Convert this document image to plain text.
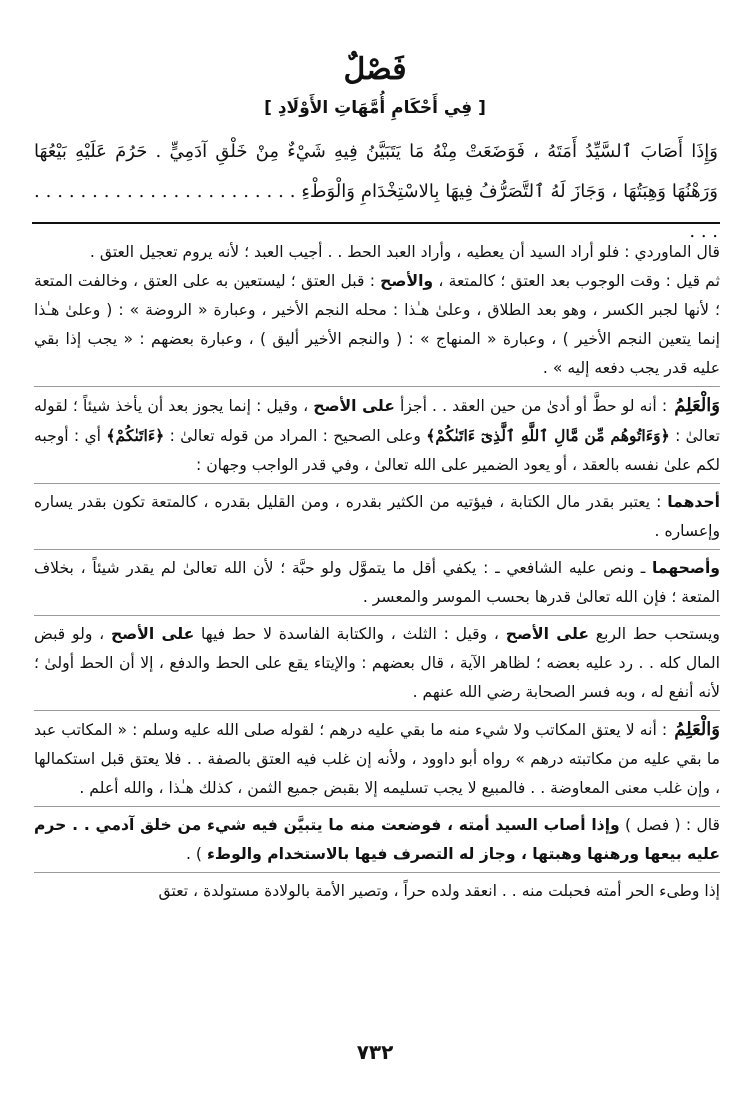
فَصْلٌ
[ فِي أَحْكَامِ أُمَّهَاتِ الأَوْلَادِ ]
وَإِذَا أَصَابَ ٱلسَّيِّدُ أَمَتَهُ ، فَوَضَعَتْ مِنْهُ مَا يَتَبَيَّنُ فِيهِ شَيْءٌ مِنْ خَلْقِ آدَمِيٍّ . حَرُمَ عَلَيْهِ بَيْعُهَا وَرَهْنُهَا وَهِبَتُهَا ، وَجَازَ لَهُ ٱلتَّصَرُّفُ فِيهَا بِالاسْتِخْدَامِ وَالْوَطْءِ . . . . . . . . . . . . . . . . . . . . . . . . . .

قال الماوردي : فلو أراد السيد أن يعطيه ، وأراد العبد الحط . . أجيب العبد ؛ لأنه يروم تعجيل العتق .

ثم قيل : وقت الوجوب بعد العتق ؛ كالمتعة ، والأصح : قبل العتق ؛ ليستعين به على العتق ، وخالفت المتعة ؛ لأنها لجبر الكسر ، وهو بعد الطلاق ، وعلىٰ هـٰذا : محله النجم الأخير ، وعبارة « الروضة » : ( وعلىٰ هـٰذا إنما يتعين النجم الأخير ) ، وعبارة « المنهاج » : ( والنجم الأخير أليق ) ، وعبارة بعضهم : « يجب إذا بقي عليه قدر يجب دفعه إليه » .

وَالْعَلِمُ : أنه لو حطَّ أو أدىٰ من حين العقد . . أجزأ على الأصح ، وقيل : إنما يجوز بعد أن يأخذ شيئاً ؛ لقوله تعالىٰ : ﴿وَءَاتُوهُم مِّن مَّالِ ٱللَّهِ ٱلَّذِىٓ ءَاتَىٰكُمْ﴾ وعلى الصحيح : المراد من قوله تعالىٰ : ﴿ءَاتَىٰكُمْ﴾ أي : أوجبه لكم علىٰ نفسه بالعقد ، أو يعود الضمير على الله تعالىٰ ، وفي قدر الواجب وجهان :

أحدهما : يعتبر بقدر مال الكتابة ، فيؤتيه من الكثير بقدره ، ومن القليل بقدره ، كالمتعة تكون بقدر يساره وإعساره .

وأصحهما ـ ونص عليه الشافعي ـ : يكفي أقل ما يتموَّل ولو حبَّة ؛ لأن الله تعالىٰ لم يقدر شيئاً ، بخلاف المتعة ؛ فإن الله تعالىٰ قدرها بحسب الموسر والمعسر .

ويستحب حط الربع على الأصح ، وقيل : الثلث ، والكتابة الفاسدة لا حط فيها على الأصح ، ولو قبض المال كله . . رد عليه بعضه ؛ لظاهر الآية ، قال بعضهم : والإيتاء يقع على الحط والدفع ، إلا أن الحط أولىٰ ؛ لأنه أنفع له ، وبه فسر الصحابة رضي الله عنهم .

وَالْعَلِمُ : أنه لا يعتق المكاتب ولا شيء منه ما بقي عليه درهم ؛ لقوله صلى الله عليه وسلم : « المكاتب عبد ما بقي عليه من مكاتبته درهم » رواه أبو داوود ، ولأنه إن غلب فيه العتق بالصفة . . فلا يعتق قبل استكمالها ، وإن غلب معنى المعاوضة . . فالمبيع لا يجب تسليمه إلا بقبض جميع الثمن ، كذلك هـٰذا ، والله أعلم .

قال : ( فصل ) وإذا أصاب السيد أمته ، فوضعت منه ما يتبيَّن فيه شيء من خلق آدمي . . حرم عليه بيعها ورهنها وهبتها ، وجاز له التصرف فيها بالاستخدام والوطء ) .

إذا وطىء الحر أمته فحبلت منه . . انعقد ولده حراً ، وتصير الأمة بالولادة مستولدة ، تعتق

٧٣٢
